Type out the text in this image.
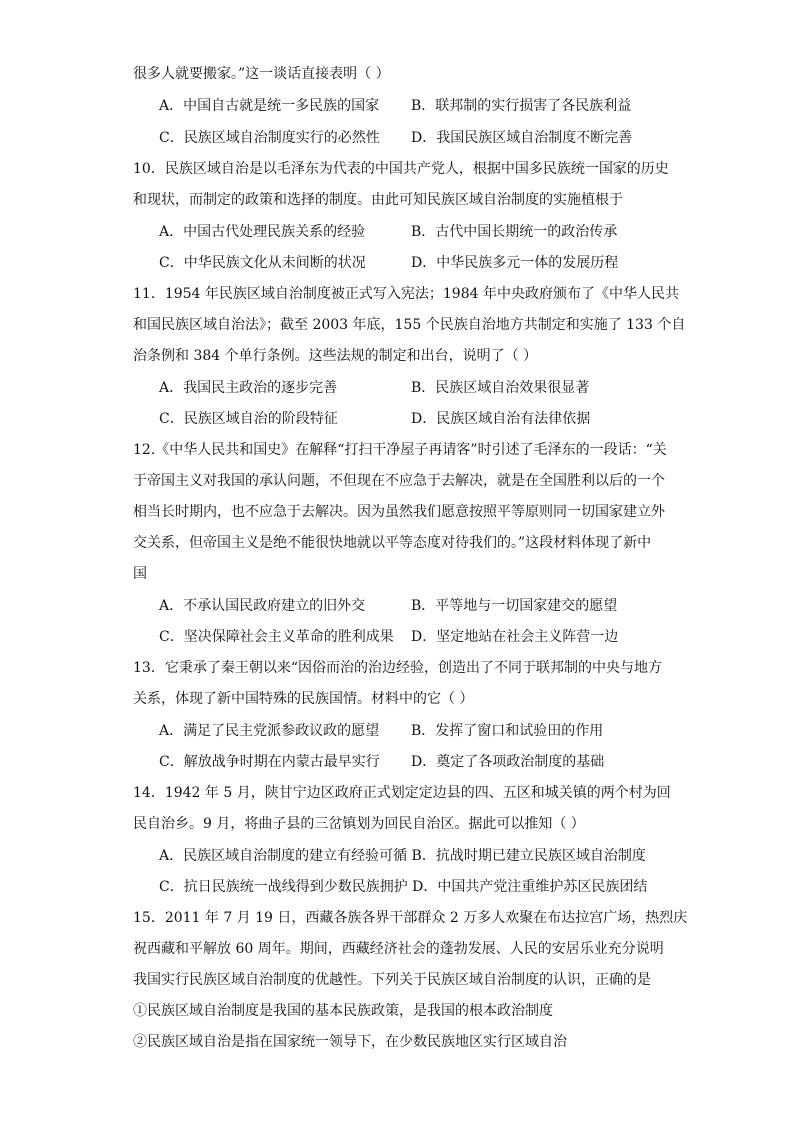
很多人就要搬家。”这一谈话直接表明（ ）
A．中国自古就是统一多民族的国家 B．联邦制的实行损害了各民族利益
C．民族区域自治制度实行的必然性 D．我国民族区域自治制度不断完善
10．民族区域自治是以毛泽东为代表的中国共产党人，根据中国多民族统一国家的历史
和现状，而制定的政策和选择的制度。由此可知民族区域自治制度的实施植根于
A．中国古代处理民族关系的经验	B．古代中国长期统一的政治传承
C．中华民族文化从未间断的状况	D．中华民族多元一体的发展历程
11．1954 年民族区域自治制度被正式写入宪法；1984 年中央政府颁布了《中华人民共
和国民族区域自治法》；截至 2003 年底，155 个民族自治地方共制定和实施了 133 个自
治条例和 384 个单行条例。这些法规的制定和出台，说明了（ ）
A．我国民主政治的逐步完善	B．民族区域自治效果很显著
C．民族区域自治的阶段特征	D．民族区域自治有法律依据
12.《中华人民共和国史》在解释“打扫干净屋子再请客”时引述了毛泽东的一段话：“关
于帝国主义对我国的承认问题，不但现在不应急于去解决，就是在全国胜利以后的一个
相当长时期内，也不应急于去解决。因为虽然我们愿意按照平等原则同一切国家建立外
交关系，但帝国主义是绝不能很快地就以平等态度对待我们的。”这段材料体现了新中
国
A．不承认国民政府建立的旧外交	B．平等地与一切国家建交的愿望
C．坚决保障社会主义革命的胜利成果 D．坚定地站在社会主义阵营一边
13．它秉承了秦王朝以来“因俗而治的治边经验，创造出了不同于联邦制的中央与地方
关系，体现了新中国特殊的民族国情。材料中的它（ ）
A．满足了民主党派参政议政的愿望 B．发挥了窗口和试验田的作用
C．解放战争时期在内蒙古最早实行 D．奠定了各项政治制度的基础
14．1942 年 5 月，陕甘宁边区政府正式划定定边县的四、五区和城关镇的两个村为回
民自治乡。9 月，将曲子县的三岔镇划为回民自治区。据此可以推知（ ）
A．民族区域自治制度的建立有经验可循 B．抗战时期已建立民族区域自治制度
C．抗日民族统一战线得到少数民族拥护 D．中国共产党注重维护苏区民族团结
15．2011 年 7 月 19 日，西藏各族各界干部群众 2 万多人欢聚在布达拉宫广场，热烈庆
祝西藏和平解放 60 周年。期间，西藏经济社会的蓬勃发展、人民的安居乐业充分说明
我国实行民族区域自治制度的优越性。下列关于民族区域自治制度的认识，正确的是
①民族区域自治制度是我国的基本民族政策，是我国的根本政治制度
②民族区域自治是指在国家统一领导下，在少数民族地区实行区域自治
